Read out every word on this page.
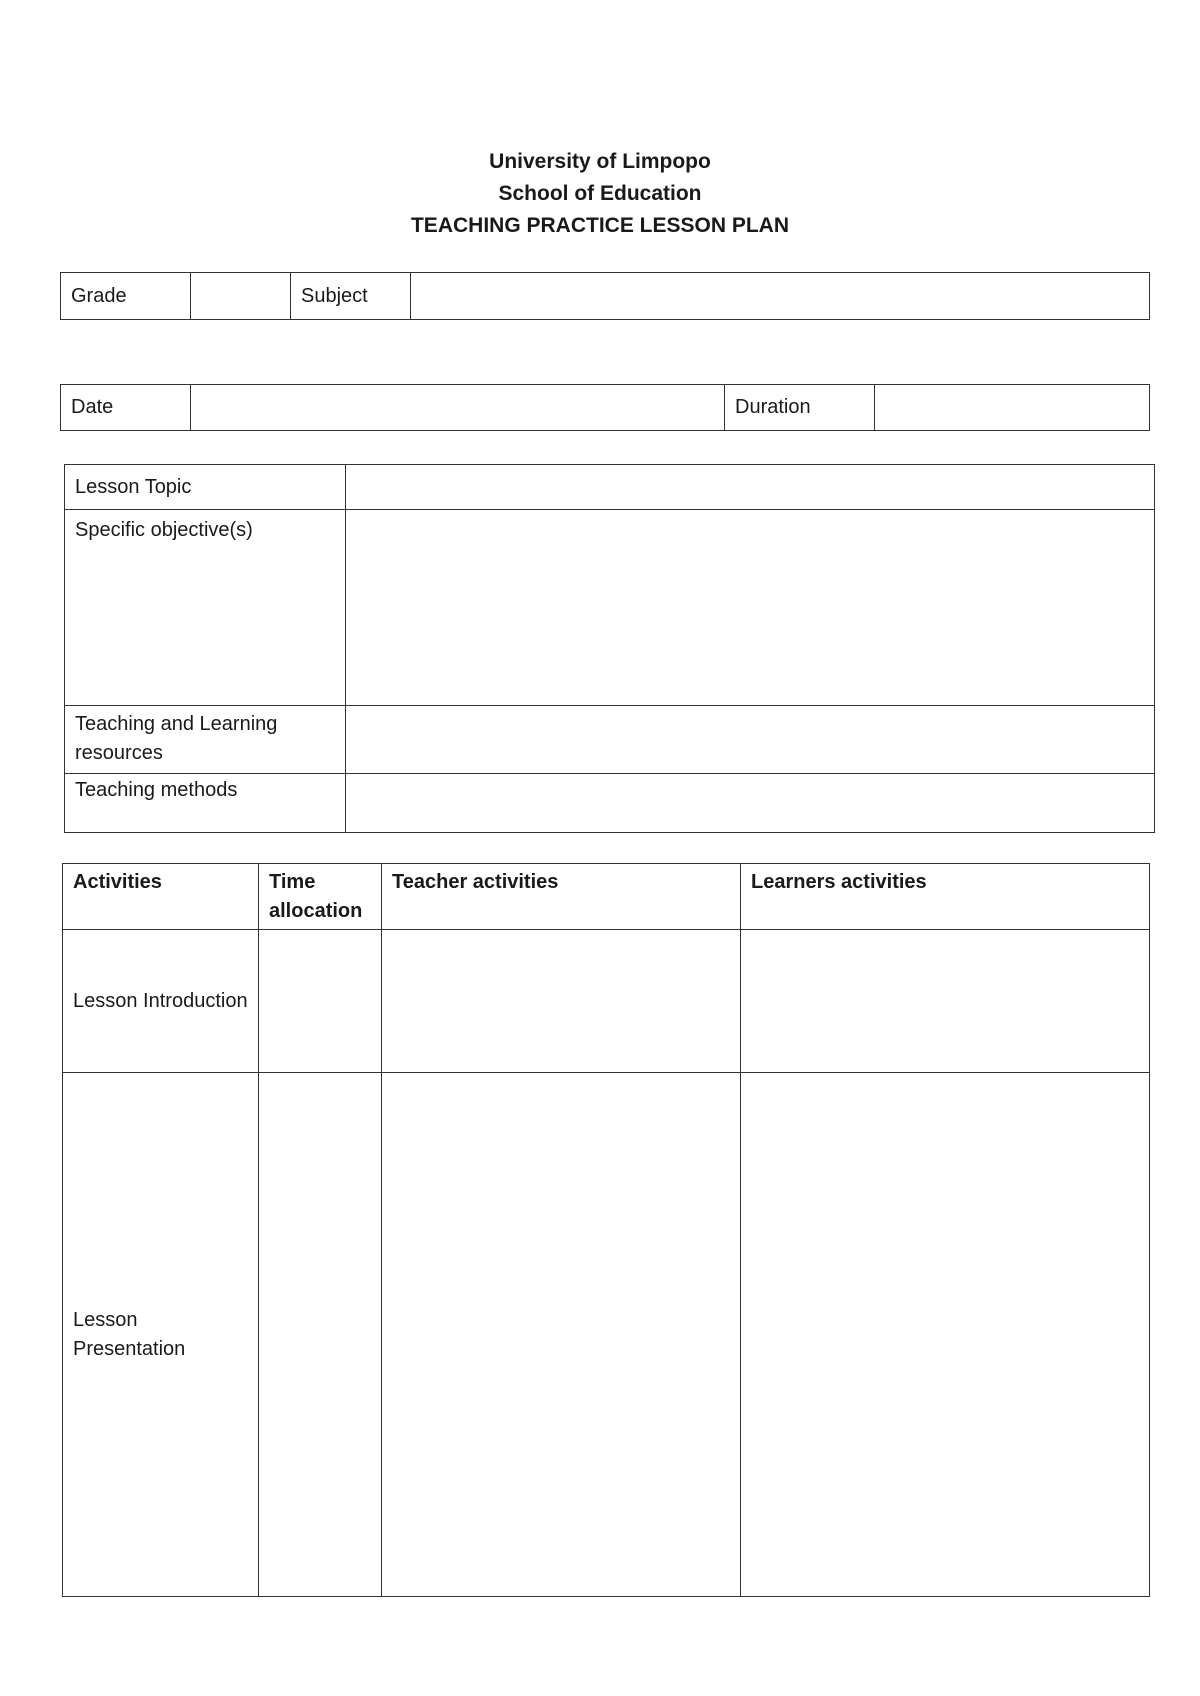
University of Limpopo
School of Education
TEACHING PRACTICE LESSON PLAN
Grade		Subject	
Date		Duration	
Lesson Topic	
Specific objective(s)	
Teaching and Learning resources	
Teaching methods	
Activities	Time allocation	Teacher activities	Learners activities
Lesson Introduction			
Lesson Presentation			
